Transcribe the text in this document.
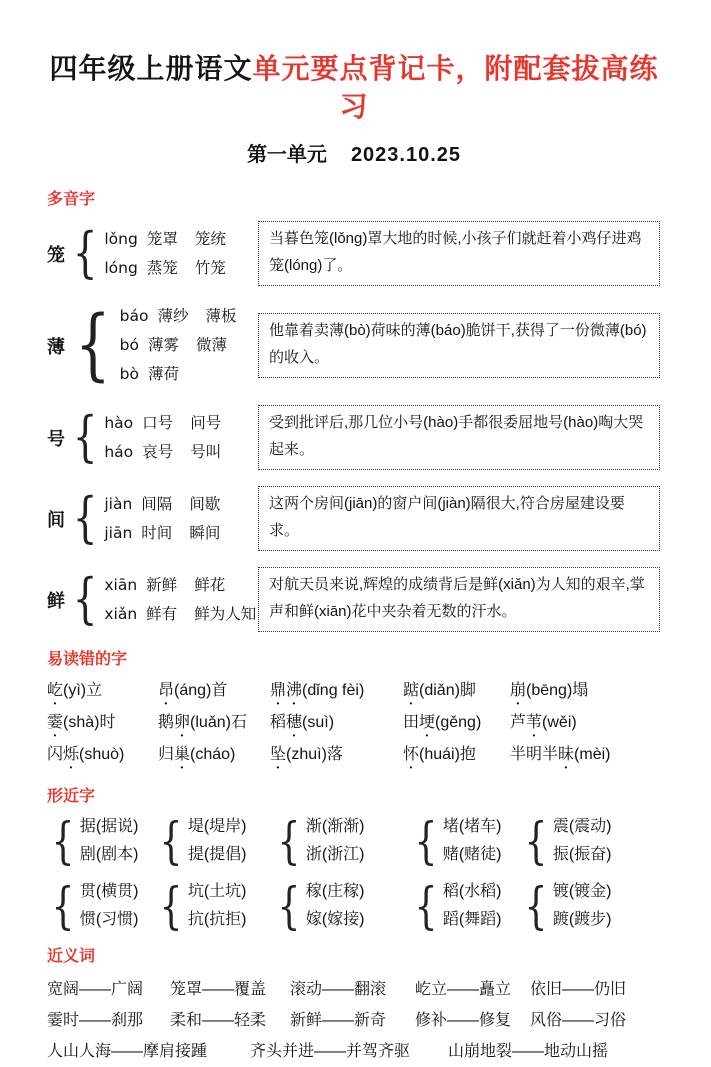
四年级上册语文单元要点背记卡，附配套拔高练习
第一单元 2023.10.25
多音字
笼
{
lǒng 笼罩 笼统
lóng 蒸笼 竹笼
当暮色笼(lǒng)罩大地的时候,小孩子们就赶着小鸡仔进鸡笼(lóng)了。
薄
{
báo 薄纱 薄板
bó 薄雾 微薄
bò 薄荷
他靠着卖薄(bò)荷味的薄(báo)脆饼干,获得了一份微薄(bó)的收入。
号
{
hào 口号 问号
háo 哀号 号叫
受到批评后,那几位小号(hào)手都很委屈地号(hào)啕大哭起来。
间
{
jiàn 间隔 间歇
jiān 时间 瞬间
这两个房间(jiān)的窗户间(jiàn)隔很大,符合房屋建设要求。
鲜
{
xiān 新鲜 鲜花
xiǎn 鲜有 鲜为人知
对航天员来说,辉煌的成绩背后是鲜(xiǎn)为人知的艰辛,掌声和鲜(xiān)花中夹杂着无数的汗水。
易读错的字
屹(yì)立	昂(áng)首	鼎沸(dǐng fèi)	踮(diǎn)脚	崩(bēng)塌
霎(shà)时	鹅卵(luǎn)石	稻穗(suì)	田埂(gěng)	芦苇(wěi)
闪烁(shuò)	归巢(cháo)	坠(zhuì)落	怀(huái)抱	半明半昧(mèi)
形近字
{
据(据说)
剧(剧本)
{
堤(堤岸)
提(提倡)
{
渐(渐渐)
浙(浙江)
{
堵(堵车)
赌(赌徒)
{
震(震动)
振(振奋)
{
贯(横贯)
惯(习惯)
{
坑(土坑)
抗(抗拒)
{
稼(庄稼)
嫁(嫁接)
{
稻(水稻)
蹈(舞蹈)
{
镀(镀金)
踱(踱步)
近义词
宽阔——广阔	笼罩——覆盖	滚动——翻滚	屹立——矗立	依旧——仍旧
霎时——刹那	柔和——轻柔	新鲜——新奇	修补——修复	风俗——习俗
人山人海——摩肩接踵	齐头并进——并驾齐驱	山崩地裂——地动山摇
